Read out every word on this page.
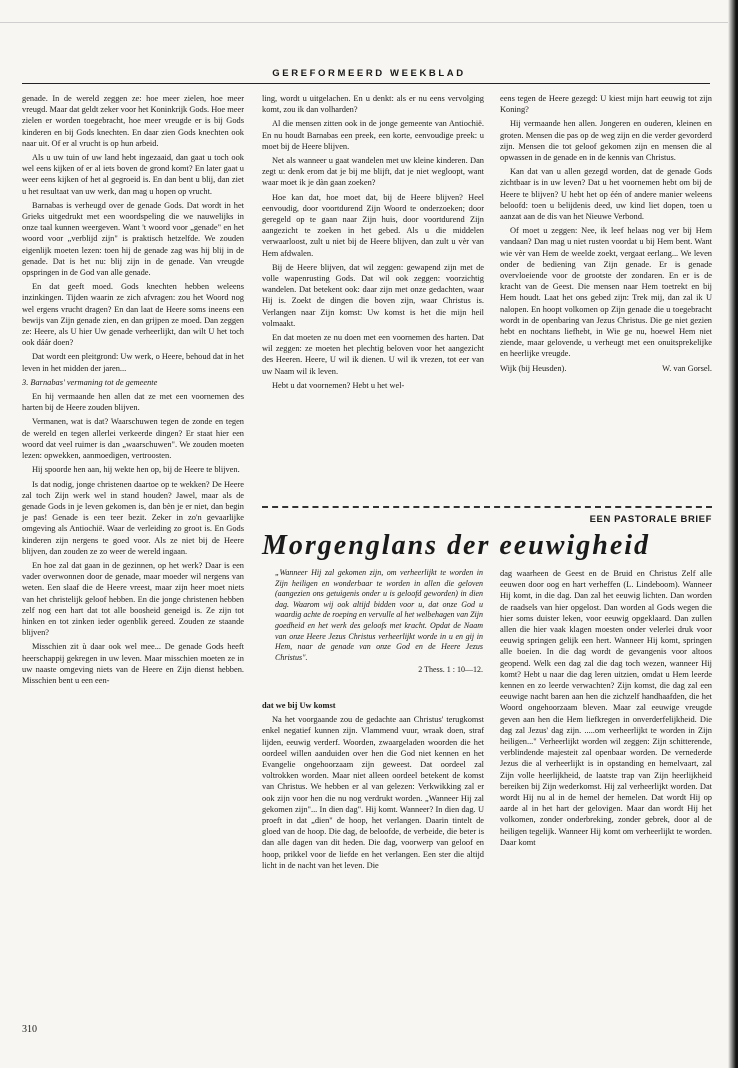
GEREFORMEERD WEEKBLAD

genade. In de wereld zeggen ze: hoe meer zielen, hoe meer vreugd. Maar dat geldt zeker voor het Koninkrijk Gods. Hoe meer zielen er worden toegebracht, hoe meer vreugde er is bij Gods kinderen en bij Gods knechten. En daar zien Gods knechten ook naar uit. Of er al vrucht is op hun arbeid.

Als u uw tuin of uw land hebt ingezaaid, dan gaat u toch ook wel eens kijken of er al iets boven de grond komt? En later gaat u weer eens kijken of het al gegroeid is. En dan bent u blij, dan ziet u het resultaat van uw werk, dan mag u hopen op vrucht.

Barnabas is verheugd over de genade Gods. Dat wordt in het Grieks uitgedrukt met een woordspeling die we nauwelijks in onze taal kunnen weergeven. Want 't woord voor „genade" en het woord voor „verblijd zijn" is praktisch hetzelfde. We zouden eigenlijk moeten lezen: toen hij de genade zag was hij blij in de genade. Dat is het nu: blij zijn in de genade. Van vreugde opspringen in de God van alle genade.

En dat geeft moed. Gods knechten hebben weleens inzinkingen. Tijden waarin ze zich afvragen: zou het Woord nog wel ergens vrucht dragen? En dan laat de Heere soms ineens een bewijs van Zijn genade zien, en dan grijpen ze moed. Dan zeggen ze: Heere, als U hier Uw genade verheerlijkt, dan wilt U het toch ook dáár doen?

Dat wordt een pleitgrond: Uw werk, o Heere, behoud dat in het leven in het midden der jaren...

3. Barnabas' vermaning tot de gemeente

En hij vermaande hen allen dat ze met een voornemen des harten bij de Heere zouden blijven.

Vermanen, wat is dat? Waarschuwen tegen de zonde en tegen de wereld en tegen allerlei verkeerde dingen? Er staat hier een woord dat veel ruimer is dan „waarschuwen". We zouden moeten lezen: opwekken, aanmoedigen, vertroosten.

Hij spoorde hen aan, hij wekte hen op, bij de Heere te blijven.

Is dat nodig, jonge christenen daartoe op te wekken? De Heere zal toch Zijn werk wel in stand houden? Jawel, maar als de genade Gods in je leven gekomen is, dan bèn je er niet, dan begin je pas! Genade is een teer bezit. Zeker in zo'n gevaarlijke omgeving als Antiochië. Waar de verleiding zo groot is. En Gods kinderen zijn nergens te goed voor. Als ze niet bij de Heere blijven, dan zouden ze zo weer de wereld ingaan.

En hoe zal dat gaan in de gezinnen, op het werk? Daar is een vader overwonnen door de genade, maar moeder wil nergens van weten. Een slaaf die de Heere vreest, maar zijn heer moet niets van het christelijk geloof hebben. En die jonge christenen hebben zelf nog een hart dat tot alle boosheid geneigd is. Ze zijn tot hinken en tot zinken ieder ogenblik gereed. Zouden ze staande blijven?

Misschien zit ù daar ook wel mee... De genade Gods heeft heerschappij gekregen in uw leven. Maar misschien moeten ze in uw naaste omgeving niets van de Heere en Zijn dienst hebben. Misschien bent u een een-

ling, wordt u uitgelachen. En u denkt: als er nu eens vervolging komt, zou ik dan volharden?

Al die mensen zitten ook in de jonge gemeente van Antiochië. En nu houdt Barnabas een preek, een korte, eenvoudige preek: u moet bij de Heere blijven.

Net als wanneer u gaat wandelen met uw kleine kinderen. Dan zegt u: denk erom dat je bij me blijft, dat je niet wegloopt, want waar moet ik je dàn gaan zoeken?

Hoe kan dat, hoe moet dat, bij de Heere blijven? Heel eenvoudig, door voortdurend Zijn Woord te onderzoeken; door geregeld op te gaan naar Zijn huis, door voortdurend Zijn aangezicht te zoeken in het gebed. Als u die middelen verwaarloost, zult u niet bij de Heere blijven, dan zult u vèr van Hem afdwalen.

Bij de Heere blijven, dat wil zeggen: gewapend zijn met de volle wapenrusting Gods. Dat wil ook zeggen: voorzichtig wandelen. Dat betekent ook: daar zijn met onze gedachten, waar Hij is. Zoekt de dingen die boven zijn, waar Christus is. Verlangen naar Zijn komst: Uw komst is het die mijn heil volmaakt.

En dat moeten ze nu doen met een voornemen des harten. Dat wil zeggen: ze moeten het plechtig beloven voor het aangezicht des Heeren. Heere, U wil ik dienen. U wil ik vrezen, tot eer van uw Naam wil ik leven.

Hebt u dat voornemen? Hebt u het wel-

eens tegen de Heere gezegd: U kiest mijn hart eeuwig tot zijn Koning?

Hij vermaande hen allen. Jongeren en ouderen, kleinen en groten. Mensen die pas op de weg zijn en die verder gevorderd zijn. Mensen die tot geloof gekomen zijn en mensen die al opwassen in de genade en in de kennis van Christus.

Kan dat van u allen gezegd worden, dat de genade Gods zichtbaar is in uw leven? Dat u het voornemen hebt om bij de Heere te blijven? U hebt het op één of andere manier weleens beloofd: toen u belijdenis deed, uw kind liet dopen, toen u aanzat aan de dis van het Nieuwe Verbond.

Of moet u zeggen: Nee, ik leef helaas nog ver bij Hem vandaan? Dan mag u niet rusten voordat u bij Hem bent. Want wie vèr van Hem de weelde zoekt, vergaat eerlang... We leven onder de bediening van Zijn genade. Er is genade overvloeiende voor de grootste der zondaren. En er is de kracht van de Geest. Die mensen naar Hem toetrekt en bij Hem houdt. Laat het ons gebed zijn: Trek mij, dan zal ik U nalopen. En hoopt volkomen op Zijn genade die u toegebracht wordt in de openbaring van Jezus Christus. Die ge niet gezien hebt en nochtans liefhebt, in Wie ge nu, hoewel Hem niet ziende, maar gelovende, u verheugt met een onuitsprekelijke en heerlijke vreugde.

Wijk (bij Heusden).	W. van Gorsel.
EEN PASTORALE BRIEF
Morgenglans der eeuwigheid
„Wanneer Hij zal gekomen zijn, om verheerlijkt te worden in Zijn heiligen en wonderbaar te worden in allen die geloven (aangezien ons getuigenis onder u is geloofd geworden) in dien dag. Waarom wij ook altijd bidden voor u, dat onze God u waardig achte de roeping en vervulle al het welbehagen van Zijn goedheid en het werk des geloofs met kracht. Opdat de Naam van onze Heere Jezus Christus verheerlijkt worde in u en gij in Hem, naar de genade van onze God en de Heere Jezus Christus".
2 Thess. 1 : 10—12.

dat we bij Uw komst

Na het voorgaande zou de gedachte aan Christus' terugkomst enkel negatief kunnen zijn. Vlammend vuur, wraak doen, straf lijden, eeuwig verderf. Woorden, zwaargeladen woorden die het oordeel willen aanduiden over hen die God niet kennen en het Evangelie ongehoorzaam zijn geweest. Dat oordeel zal voltrokken worden. Maar niet alleen oordeel betekent de komst van Christus. We hebben er al van gelezen: Verkwikking zal er ook zijn voor hen die nu nog verdrukt worden. „Wanneer Hij zal gekomen zijn"... In dien dag". Hij komt. Wanneer? In dien dag. U proeft in dat „dien" de hoop, het verlangen. Daarin tintelt de gloed van de hoop. Die dag, de beloofde, de verbeide, die beter is dan alle dagen van dit heden. Die dag, voorwerp van geloof en hoop, prikkel voor de liefde en het verlangen. Een ster die altijd licht in de nacht van het leven. Die

dag waarheen de Geest en de Bruid en Christus Zelf alle eeuwen door oog en hart verheffen (L. Lindeboom). Wanneer Hij komt, in die dag. Dan zal het eeuwig lichten. Dan worden de raadsels van hier opgelost. Dan worden al Gods wegen die hier soms duister leken, voor eeuwig opgeklaard. Dan zullen allen die hier vaak klagen moesten onder velerlei druk voor eeuwig springen gelijk een hert. Wanneer Hij komt, springen alle boeien. In die dag wordt de gevangenis voor altoos geopend. Welk een dag zal die dag toch wezen, wanneer Hij komt? Hebt u naar die dag leren uitzien, omdat u Hem leerde kennen en zo leerde verwachten? Zijn komst, die dag zal een eeuwige nacht baren aan hen die zichzelf handhaafden, die het Woord ongehoorzaam bleven. Maar zal eeuwige vreugde geven aan hen die Hem liefkregen in onverderfelijkheid. Die dag zal Jezus' dag zijn. .....om verheerlijkt te worden in Zijn heiligen..." Verheerlijkt worden wil zeggen: Zijn schitterende, verblindende majesteit zal openbaar worden. De vernederde Jezus die al verheerlijkt is in opstanding en hemelvaart, zal Zijn volle heerlijkheid, de laatste trap van Zijn heerlijkheid bereiken bij Zijn wederkomst. Hij zal verheerlijkt worden. Dat wordt Hij nu al in de hemel der hemelen. Dat wordt Hij op aarde al in het hart der gelovigen. Maar dan wordt Hij het volkomen, zonder onderbreking, zonder gebrek, door al de heiligen tegelijk. Wanneer Hij komt om verheerlijkt te worden. Daar komt

310
